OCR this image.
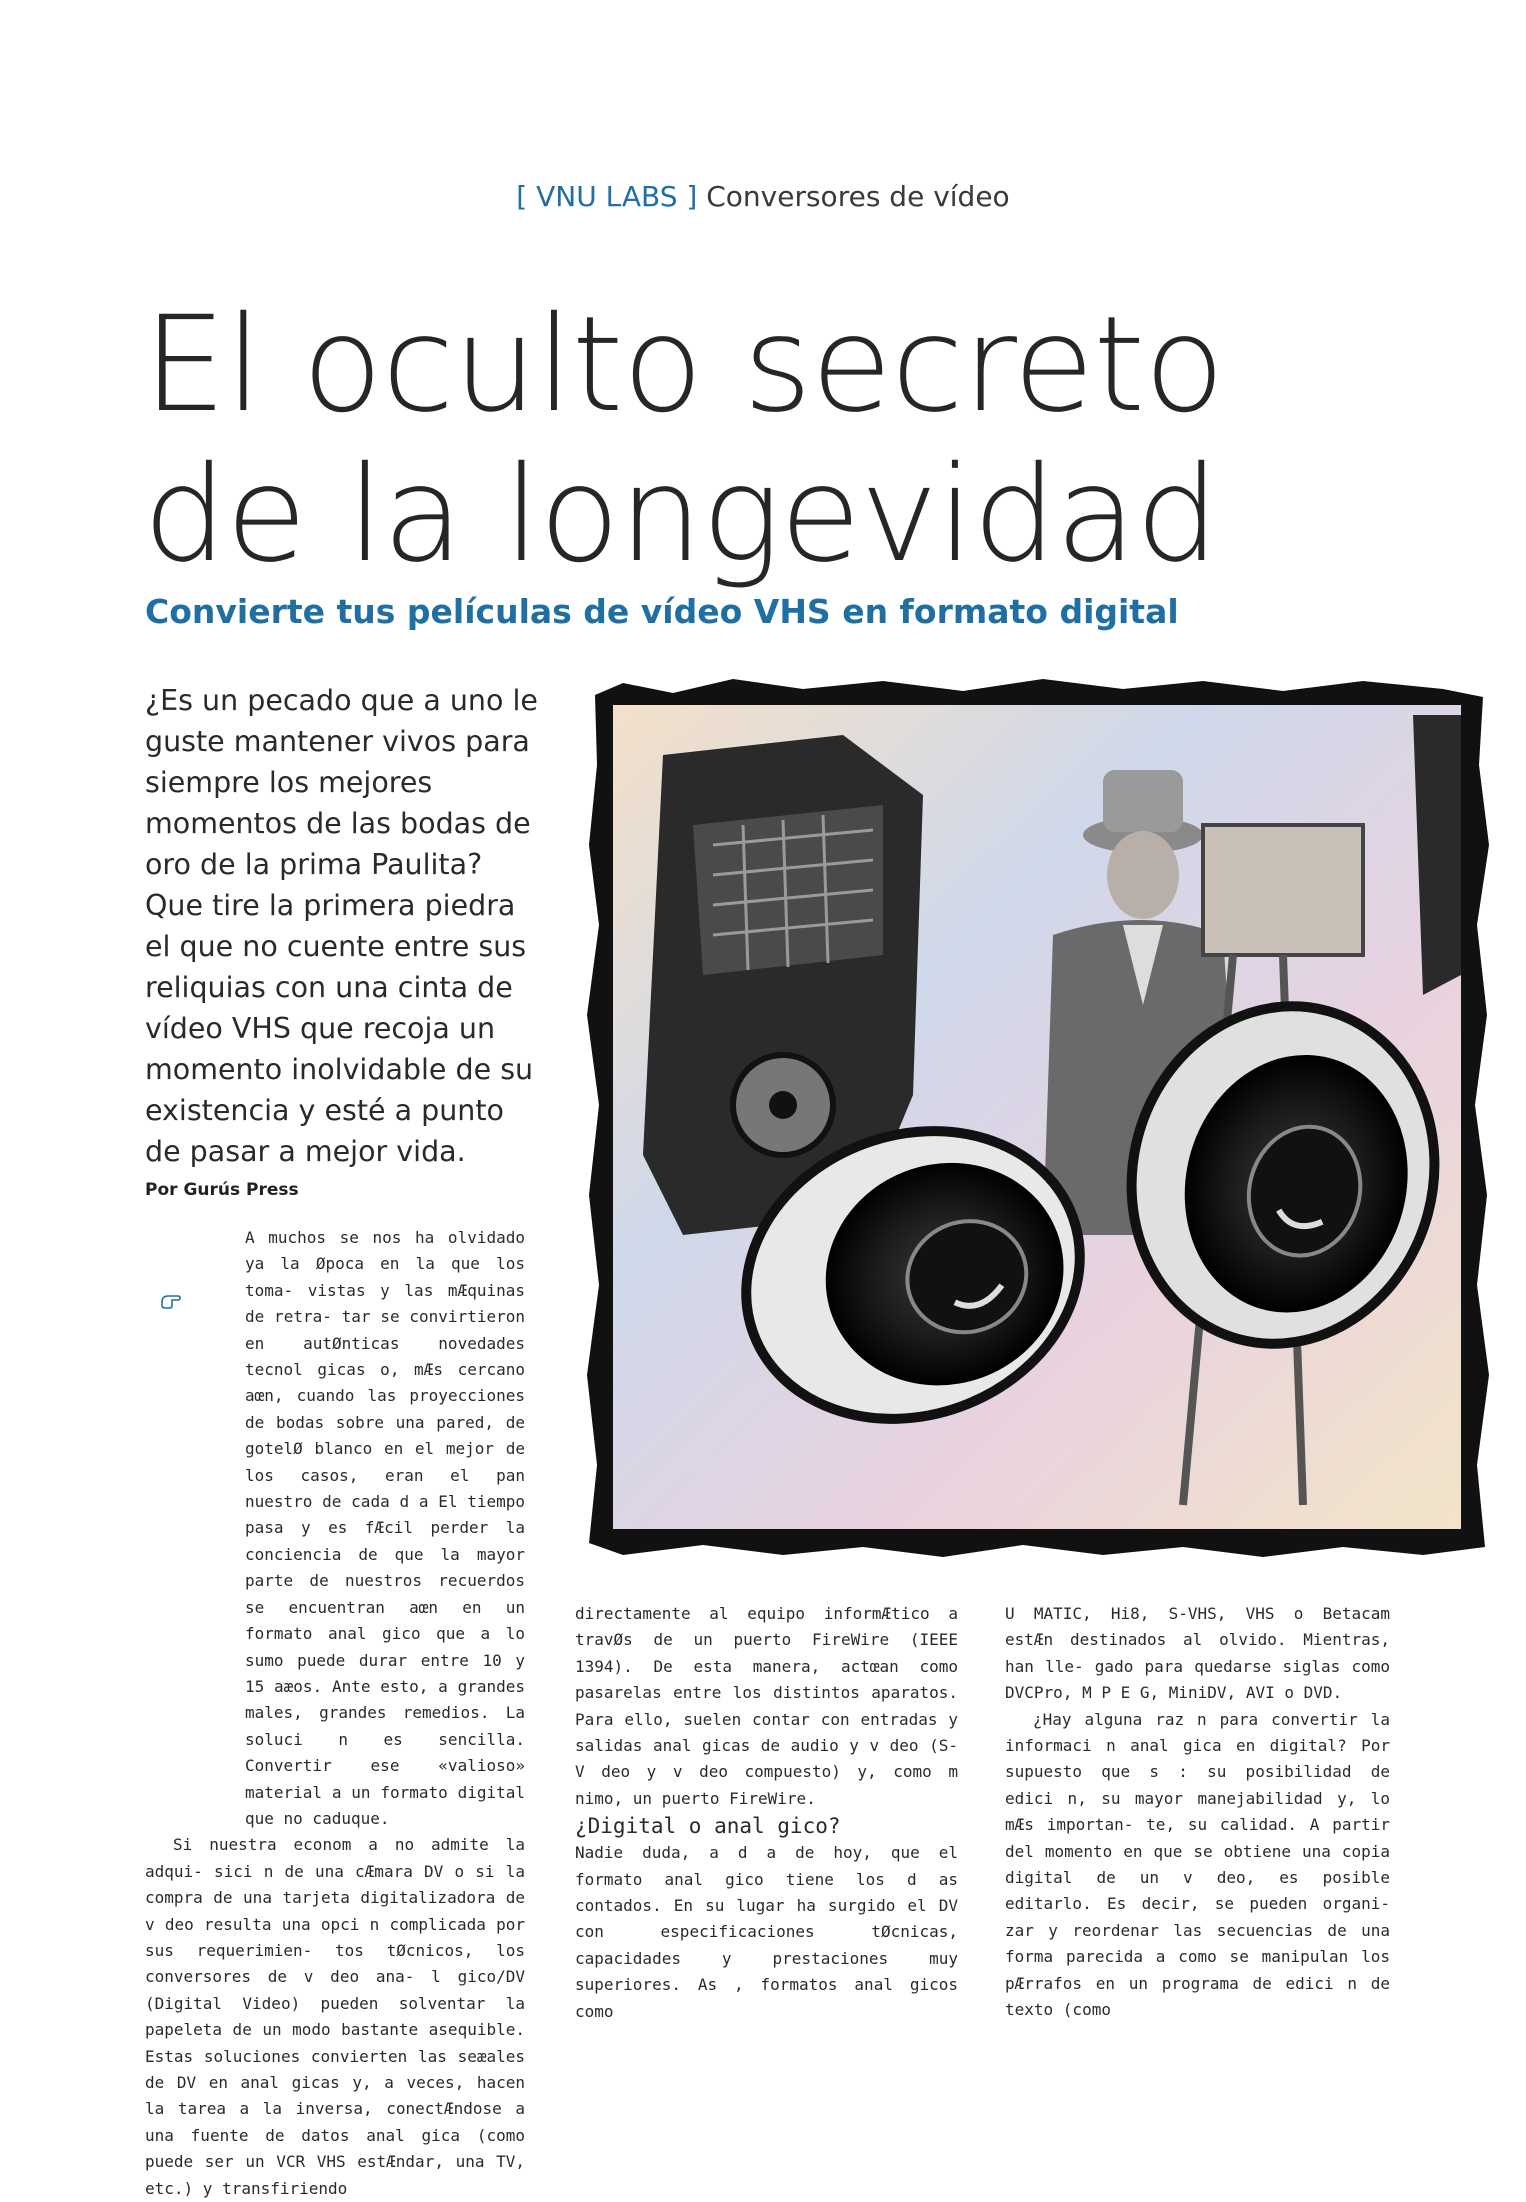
[ VNU LABS ] Conversores de vídeo
El oculto secreto
de la longevidad
Convierte tus películas de vídeo VHS en formato digital

¿Es un pecado que a uno le guste mantener vivos para siempre los mejores momentos de las bodas de oro de la prima Paulita? Que tire la primera piedra el que no cuente entre sus reliquias con una cinta de vídeo VHS que recoja un momento inolvidable de su existencia y esté a punto de pasar a mejor vida.

Por Gurús Press

A muchos se nos ha olvidado ya la Øpoca en la que los toma- vistas y las mÆquinas de retra- tar se convirtieron en autØnticas novedades tecnol gicas o, mÆs cercano aœn, cuando las proyecciones de bodas sobre una pared, de gotelØ blanco en el mejor de los casos, eran el pan nuestro de cada d a El tiempo pasa y es fÆcil perder la conciencia de que la mayor parte de nuestros recuerdos se encuentran aœn en un formato anal gico que a lo sumo puede durar entre 10 y 15 aæos. Ante esto, a grandes males, grandes remedios. La soluci n es sencilla. Convertir ese «valioso» material a un formato digital que no caduque.

Si nuestra econom a no admite la adqui- sici n de una cÆmara DV o si la compra de una tarjeta digitalizadora de v deo resulta una opci n complicada por sus requerimien- tos tØcnicos, los conversores de v deo ana- l gico/DV (Digital Video) pueden solventar la papeleta de un modo bastante asequible. Estas soluciones convierten las seæales de DV en anal gicas y, a veces, hacen la tarea a la inversa, conectÆndose a una fuente de datos anal gica (como puede ser un VCR VHS estÆndar, una TV, etc.) y transfiriendo

directamente al equipo informÆtico a travØs de un puerto FireWire (IEEE 1394). De esta manera, actœan como pasarelas entre los distintos aparatos. Para ello, suelen contar con entradas y salidas anal gicas de audio y v deo (S-V deo y v deo compuesto) y, como m nimo, un puerto FireWire.

¿Digital o anal gico?

Nadie duda, a d a de hoy, que el formato anal gico tiene los d as contados. En su lugar ha surgido el DV con especificaciones tØcnicas, capacidades y prestaciones muy superiores. As , formatos anal gicos como

U MATIC, Hi8, S-VHS, VHS o Betacam estÆn destinados al olvido. Mientras, han lle- gado para quedarse siglas como DVCPro, M P E G, MiniDV, AVI o DVD.

¿Hay alguna raz n para convertir la informaci n anal gica en digital? Por supuesto que s : su posibilidad de edici n, su mayor manejabilidad y, lo mÆs importan- te, su calidad. A partir del momento en que se obtiene una copia digital de un v deo, es posible editarlo. Es decir, se pueden organi- zar y reordenar las secuencias de una forma parecida a como se manipulan los pÆrrafos en un programa de edici n de texto (como
